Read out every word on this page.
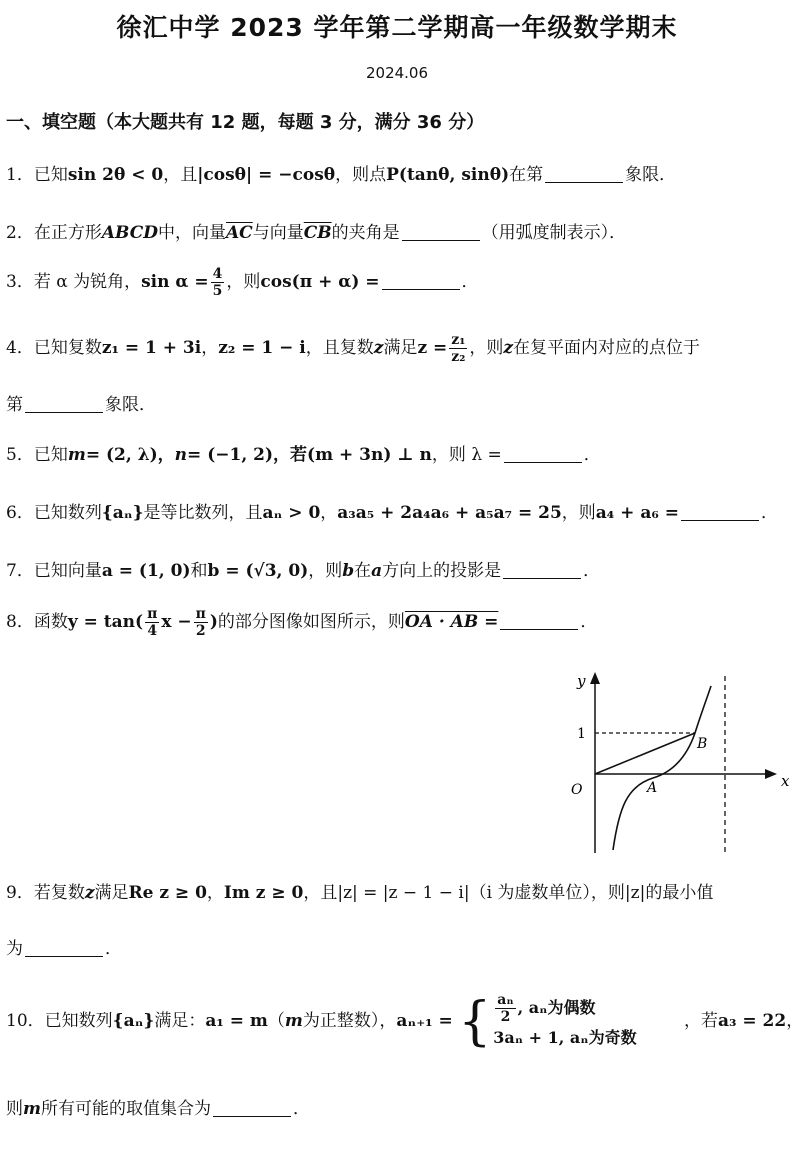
徐汇中学 2023 学年第二学期高一年级数学期末
2024.06
一、填空题（本大题共有 12 题，每题 3 分，满分 36 分）
1．已知sin 2θ < 0，且|cosθ| = −cosθ，则点P(tanθ, sinθ)在第	象限．
2．在正方形ABCD中，向量$\overline{AC}$与向量$\overline{CB}$的夹角是	（用弧度制表示）．
3．若 α 为锐角，$\sin \alpha = \frac{4}{5}$ ，则cos(π + α) =	．
4．已知复数z₁ = 1 + 3i，z₂ = 1 − i，且复数z满足$z = \frac{\text{z₁}}{\text{z₂}}$ ，则z在复平面内对应的点位于
第	象限．
5．已知m= (2, λ)，n= (−1, 2)，若(m + 3n) ⊥ n，则 λ =	．
6．已知数列{aₙ}是等比数列，且aₙ > 0，a₃a₅ + 2a₄a₆ + a₅a₇ = 25，则a₄ + a₆ =	．
7．已知向量a = (1, 0)和b = (√3, 0)，则b在a方向上的投影是	．
8．函数$y = \tan( \frac{\pi}{4}$ $x - \frac{\pi}{2}$ )的部分图像如图所示，则OA · AB =	．
y
x
1
O	A
B
9．若复数z满足Re z ≥ 0，Im z ≥ 0，且|z| = |z − 1 − i|（i 为虚数单位），则|z|的最小值
为	．
10．已知数列{aₙ}满足：a₁ = m（m为正整数），aₙ₊₁ = { $\frac{\text{aₙ}}{2}$ , aₙ为偶数
3aₙ + 1, aₙ为奇数
，若a₃ = 22，
则m所有可能的取值集合为	．
